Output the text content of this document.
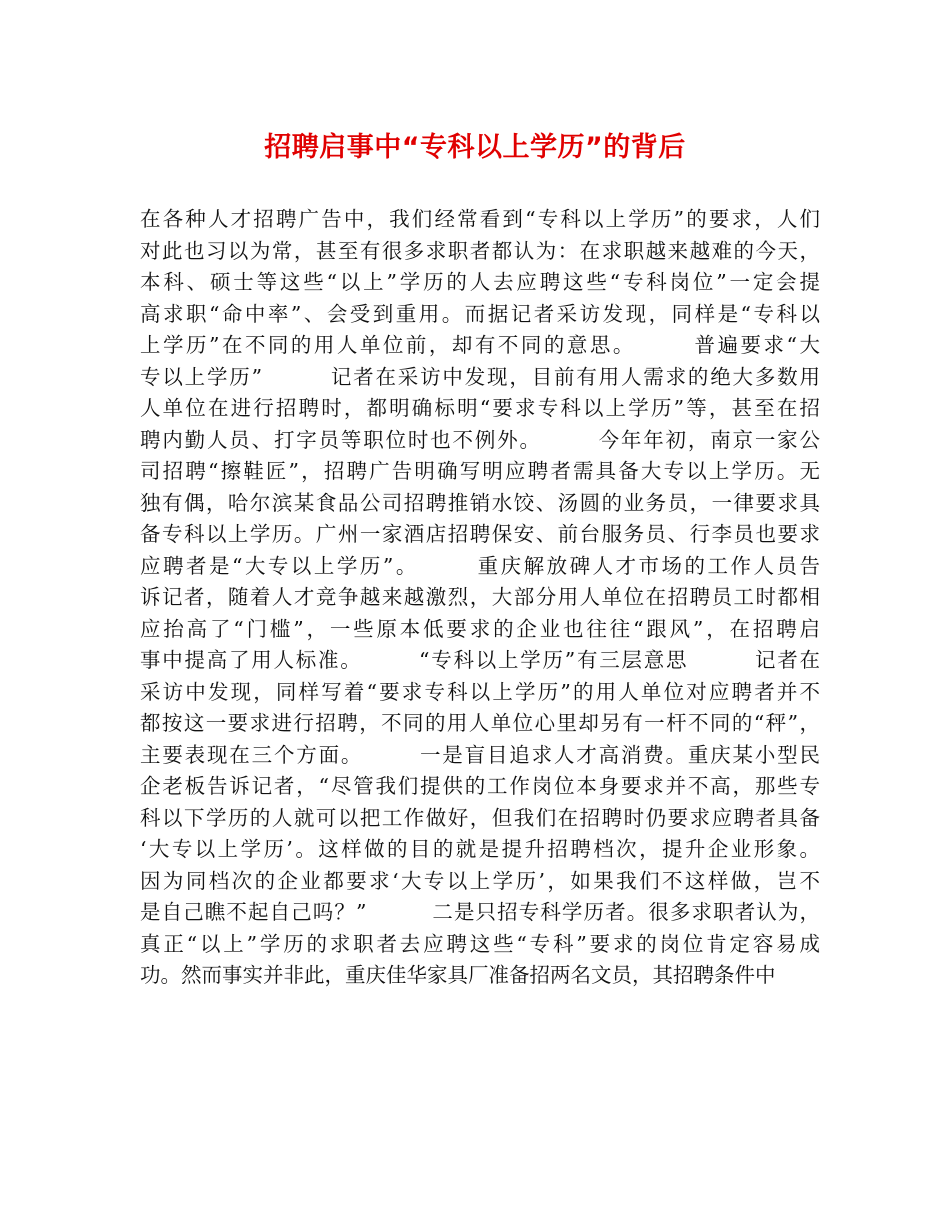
招聘启事中“专科以上学历”的背后
在各种人才招聘广告中，我们经常看到“专科以上学历”的要求，人们
对此也习以为常，甚至有很多求职者都认为：在求职越来越难的今天，
本科、硕士等这些“以上”学历的人去应聘这些“专科岗位”一定会提
高求职“命中率”、会受到重用。而据记者采访发现，同样是“专科以
上学历”在不同的用人单位前，却有不同的意思。　　　普遍要求“大
专以上学历”　　　记者在采访中发现，目前有用人需求的绝大多数用
人单位在进行招聘时，都明确标明“要求专科以上学历”等，甚至在招
聘内勤人员、打字员等职位时也不例外。　　　今年年初，南京一家公
司招聘“擦鞋匠”，招聘广告明确写明应聘者需具备大专以上学历。无
独有偶，哈尔滨某食品公司招聘推销水饺、汤圆的业务员，一律要求具
备专科以上学历。广州一家酒店招聘保安、前台服务员、行李员也要求
应聘者是“大专以上学历”。　　　重庆解放碑人才市场的工作人员告
诉记者，随着人才竞争越来越激烈，大部分用人单位在招聘员工时都相
应抬高了“门槛”，一些原本低要求的企业也往往“跟风”，在招聘启
事中提高了用人标准。　　　“专科以上学历”有三层意思　　　记者在
采访中发现，同样写着“要求专科以上学历”的用人单位对应聘者并不
都按这一要求进行招聘，不同的用人单位心里却另有一杆不同的“秤”，
主要表现在三个方面。　　　一是盲目追求人才高消费。重庆某小型民
企老板告诉记者，“尽管我们提供的工作岗位本身要求并不高，那些专
科以下学历的人就可以把工作做好，但我们在招聘时仍要求应聘者具备
‘大专以上学历’。这样做的目的就是提升招聘档次，提升企业形象。
因为同档次的企业都要求‘大专以上学历’，如果我们不这样做，岂不
是自己瞧不起自己吗？”　　　二是只招专科学历者。很多求职者认为，
真正“以上”学历的求职者去应聘这些“专科”要求的岗位肯定容易成
功。然而事实并非此，重庆佳华家具厂准备招两名文员，其招聘条件中
